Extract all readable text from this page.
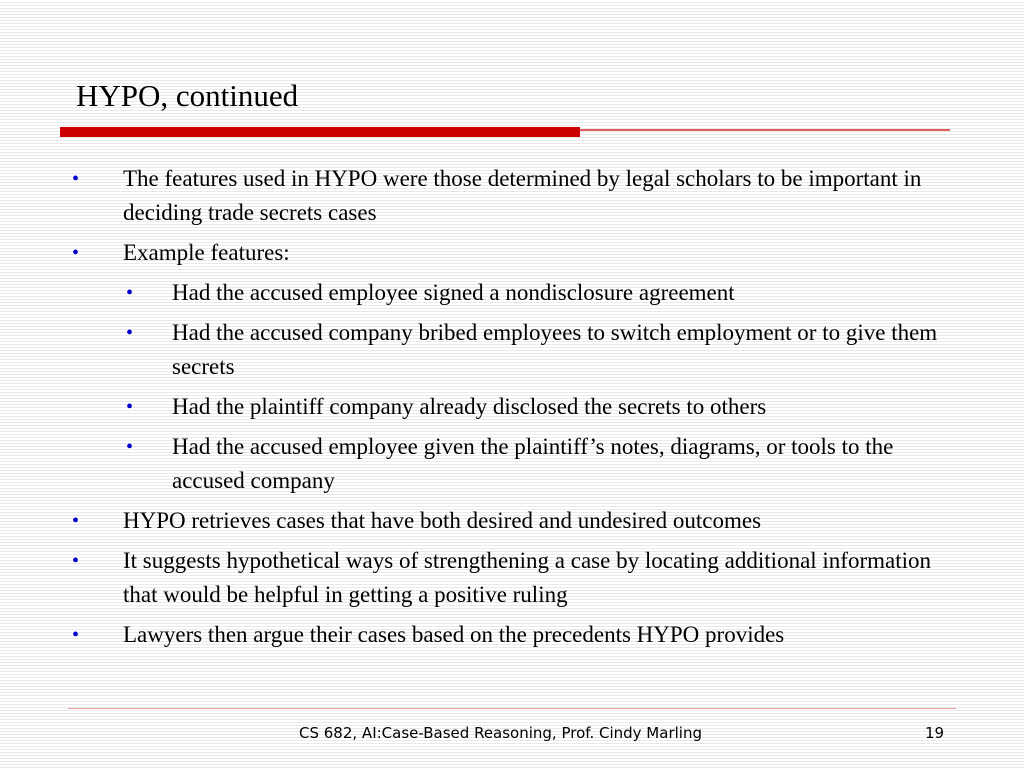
HYPO, continued
• The features used in HYPO were those determined by legal scholars to be important in deciding trade secrets cases
• Example features:
• Had the accused employee signed a nondisclosure agreement
• Had the accused company bribed employees to switch employment or to give them secrets
• Had the plaintiff company already disclosed the secrets to others
• Had the accused employee given the plaintiff’s notes, diagrams, or tools to the accused company
• HYPO retrieves cases that have both desired and undesired outcomes
• It suggests hypothetical ways of strengthening a case by locating additional information that would be helpful in getting a positive ruling
• Lawyers then argue their cases based on the precedents HYPO provides
CS 682, AI:Case-Based Reasoning, Prof. Cindy Marling	19
